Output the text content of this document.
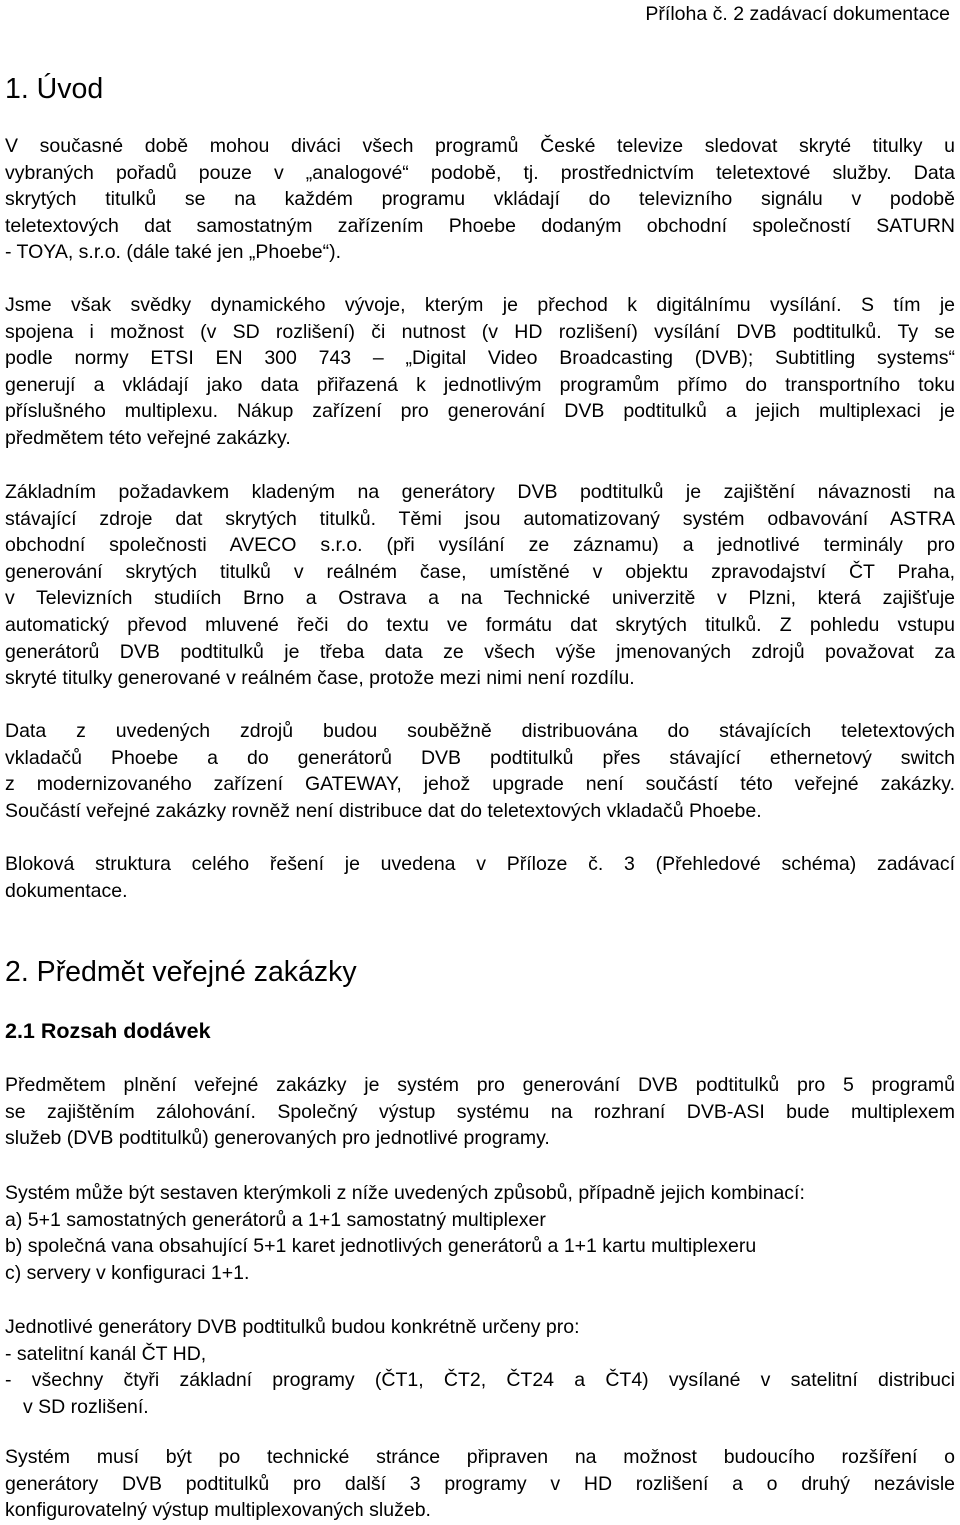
Příloha č. 2 zadávací dokumentace
1. Úvod
V současné době mohou diváci všech programů České televize sledovat skryté titulky u
vybraných pořadů pouze v „analogové“ podobě, tj. prostřednictvím teletextové služby. Data
skrytých titulků se na každém programu vkládají do televizního signálu v podobě
teletextových dat samostatným zařízením Phoebe dodaným obchodní společností SATURN
- TOYA, s.r.o. (dále také jen „Phoebe“).
Jsme však svědky dynamického vývoje, kterým je přechod k digitálnímu vysílání. S tím je
spojena i možnost (v SD rozlišení) či nutnost (v HD rozlišení) vysílání DVB podtitulků. Ty se
podle normy ETSI EN 300 743 – „Digital Video Broadcasting (DVB); Subtitling systems“
generují a vkládají jako data přiřazená k jednotlivým programům přímo do transportního toku
příslušného multiplexu. Nákup zařízení pro generování DVB podtitulků a jejich multiplexaci je
předmětem této veřejné zakázky.
Základním požadavkem kladeným na generátory DVB podtitulků je zajištění návaznosti na
stávající zdroje dat skrytých titulků. Těmi jsou automatizovaný systém odbavování ASTRA
obchodní společnosti AVECO s.r.o. (při vysílání ze záznamu) a jednotlivé terminály pro
generování skrytých titulků v reálném čase, umístěné v objektu zpravodajství ČT Praha,
v Televizních studiích Brno a Ostrava a na Technické univerzitě v Plzni, která zajišťuje
automatický převod mluvené řeči do textu ve formátu dat skrytých titulků. Z pohledu vstupu
generátorů DVB podtitulků je třeba data ze všech výše jmenovaných zdrojů považovat za
skryté titulky generované v reálném čase, protože mezi nimi není rozdílu.
Data z uvedených zdrojů budou souběžně distribuována do stávajících teletextových
vkladačů Phoebe a do generátorů DVB podtitulků přes stávající ethernetový switch
z modernizovaného zařízení GATEWAY, jehož upgrade není součástí této veřejné zakázky.
Součástí veřejné zakázky rovněž není distribuce dat do teletextových vkladačů Phoebe.
Bloková struktura celého řešení je uvedena v Příloze č. 3 (Přehledové schéma) zadávací
dokumentace.
2. Předmět veřejné zakázky
2.1 Rozsah dodávek
Předmětem plnění veřejné zakázky je systém pro generování DVB podtitulků pro 5 programů
se zajištěním zálohování. Společný výstup systému na rozhraní DVB-ASI bude multiplexem
služeb (DVB podtitulků) generovaných pro jednotlivé programy.
Systém může být sestaven kterýmkoli z níže uvedených způsobů, případně jejich kombinací:
a) 5+1 samostatných generátorů a 1+1 samostatný multiplexer
b) společná vana obsahující 5+1 karet jednotlivých generátorů a 1+1 kartu multiplexeru
c) servery v konfiguraci 1+1.
Jednotlivé generátory DVB podtitulků budou konkrétně určeny pro:
- satelitní kanál ČT HD,
- všechny čtyři základní programy (ČT1, ČT2, ČT24 a ČT4) vysílané v satelitní distribuci
v SD rozlišení.
Systém musí být po technické stránce připraven na možnost budoucího rozšíření o
generátory DVB podtitulků pro další 3 programy v HD rozlišení a o druhý nezávisle
konfigurovatelný výstup multiplexovaných služeb.
